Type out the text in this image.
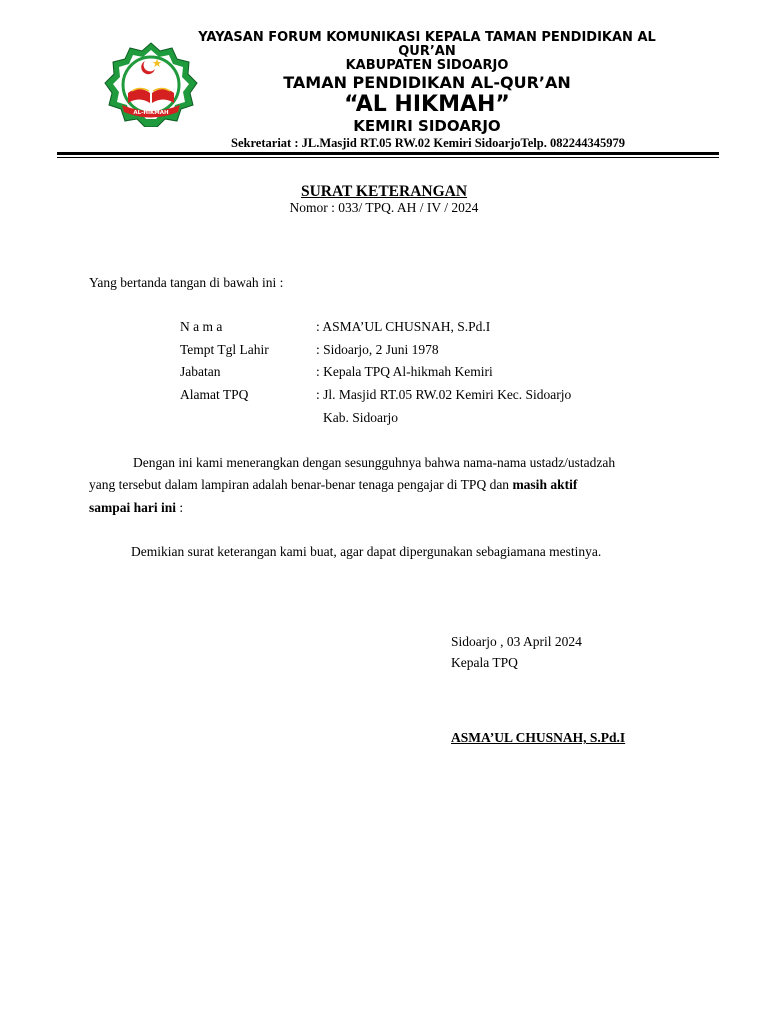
AL-HIKMAH
YAYASAN FORUM KOMUNIKASI KEPALA TAMAN PENDIDIKAN AL QUR’AN
KABUPATEN SIDOARJO
TAMAN PENDIDIKAN AL-QUR’AN
“AL HIKMAH”
KEMIRI SIDOARJO
Sekretariat : JL.Masjid RT.05 RW.02 Kemiri SidoarjoTelp. 082244345979
SURAT KETERANGAN
Nomor : 033/ TPQ. AH / IV / 2024
Yang bertanda tangan di bawah ini :
N a m a	: ASMA’UL CHUSNAH, S.Pd.I
Tempt Tgl Lahir	: Sidoarjo, 2 Juni 1978
Jabatan	: Kepala TPQ Al-hikmah Kemiri
Alamat TPQ	: Jl. Masjid RT.05 RW.02 Kemiri Kec. Sidoarjo
Kab. Sidoarjo
Dengan ini kami menerangkan dengan sesungguhnya bahwa nama-nama ustadz/ustadzah
yang tersebut dalam lampiran adalah benar-benar tenaga pengajar di TPQ dan masih aktif
sampai hari ini :
Demikian surat keterangan kami buat, agar dapat dipergunakan sebagiamana mestinya.
Sidoarjo , 03 April 2024
Kepala TPQ
ASMA’UL CHUSNAH, S.Pd.I
